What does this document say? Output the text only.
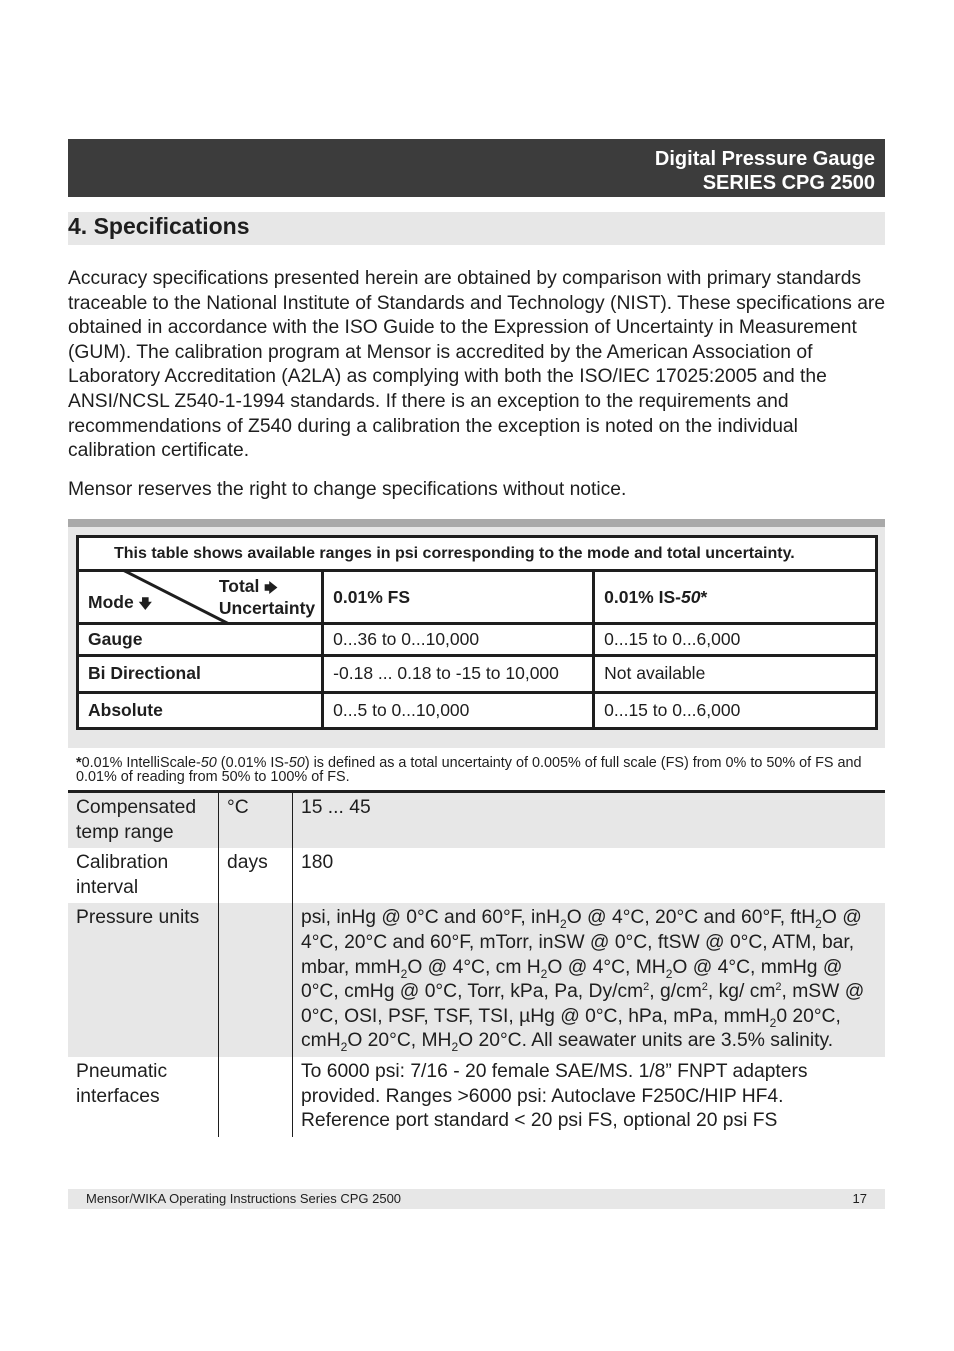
Digital Pressure Gauge
SERIES CPG 2500
4. Specifications

Accuracy specifications presented herein are obtained by comparison with primary standards traceable to the National Institute of Standards and Technology (NIST). These specifications are obtained in accordance with the ISO Guide to the Expression of Uncertainty in Measurement (GUM). The calibration program at Mensor is accredited by the American Association of Laboratory Accreditation (A2LA) as complying with both the ISO/IEC 17025:2005 and the ANSI/NCSL Z540-1-1994 standards. If there is an exception to the requirements and recommendations of Z540 during a calibration the exception is noted on the individual calibration certificate.

Mensor reserves the right to change specifications without notice.

This table shows available ranges in psi corresponding to the mode and total uncertainty.		

Mode 🡇
Total 🡆
Uncertainty	0.01% FS	0.01% IS-50*
Gauge	0...36 to 0...10,000	0...15 to 0...6,000
Bi Directional	-0.18 ... 0.18 to -15 to 10,000	Not available
Absolute	0...5 to 0...10,000	0...15 to 0...6,000
*0.01% IntelliScale-50 (0.01% IS-50) is defined as a total uncertainty of 0.005% of full scale (FS) from 0% to 50% of FS and 0.01% of reading from 50% to 100% of FS.
Compensated temp range	°C	15 ... 45
Calibration interval	days	180
Pressure units		psi, inHg @ 0°C and 60°F, inH$_2$O @ 4°C, 20°C and 60°F, ftH$_2$O @ 4°C, 20°C and 60°F, mTorr, inSW @ 0°C, ftSW @ 0°C, ATM, bar, mbar, mmH$_2$O @ 4°C, cm $H_2O$ @ 4°C, $MH_2O$ @ 4°C, mmHg @ 0°C, cmHg @ 0°C, Torr, kPa, Pa, $Dy/cm^2$, $g/cm^2$, kg/ $cm^2$, mSW @ 0°C, OSI, PSF, TSF, TSI, µHg @ 0°C, hPa, mPa, mmH$_2$0 20°C, cmH$_2$O 20°C, $MH_2O$ 20°C. All seawater units are 3.5% salinity.
Pneumatic interfaces		To 6000 psi: 7/16 - 20 female SAE/MS. 1/8” FNPT adapters provided. Ranges >6000 psi: Autoclave F250C/HIP HF4. Reference port standard < 20 psi FS, optional 20 psi FS
Mensor/WIKA Operating Instructions Series CPG 2500	17
